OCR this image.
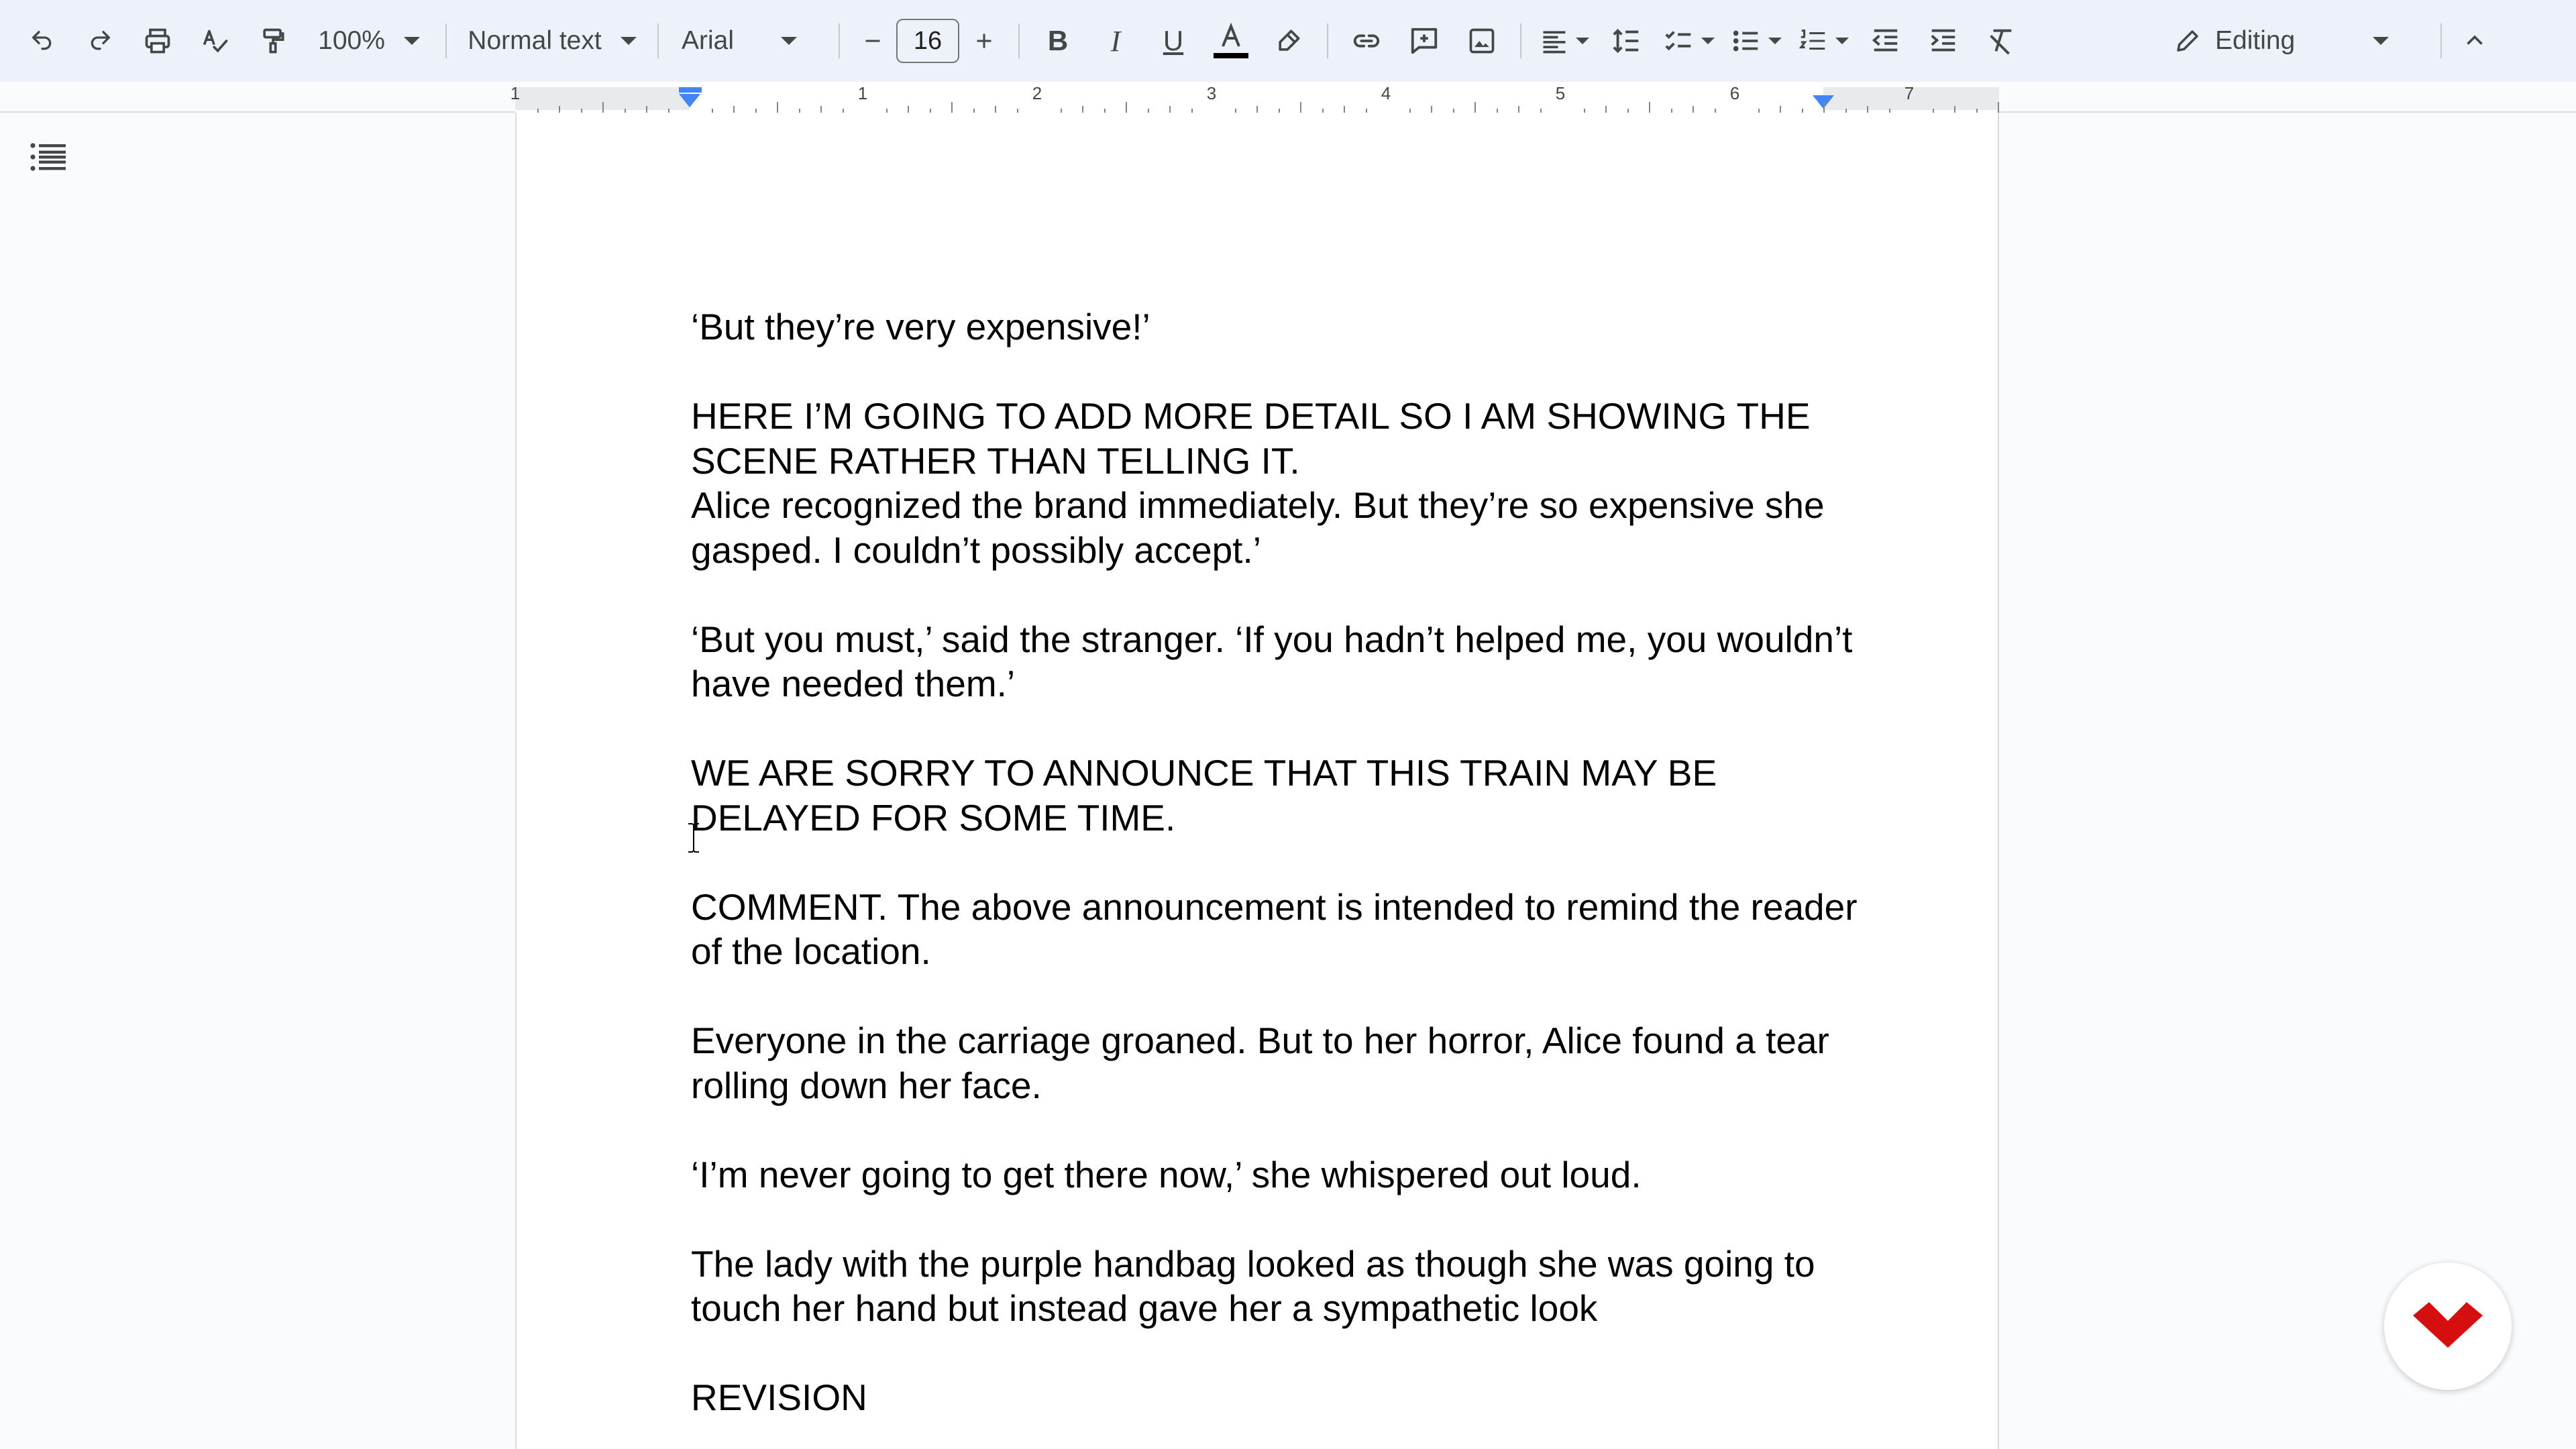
100%	Normal text	Arial	16	B I U	Editing
1	1	2	3	4	5	6	7

‘But they’re very expensive!’

HERE I’M GOING TO ADD MORE DETAIL SO I AM SHOWING THE SCENE RATHER THAN TELLING IT.

Alice recognized the brand immediately. But they’re so expensive she gasped. I couldn’t possibly accept.’

‘But you must,’ said the stranger. ‘If you hadn’t helped me, you wouldn’t have needed them.’

WE ARE SORRY TO ANNOUNCE THAT THIS TRAIN MAY BE DELAYED FOR SOME TIME.

COMMENT. The above announcement is intended to remind the reader of the location.

Everyone in the carriage groaned. But to her horror, Alice found a tear rolling down her face.

‘I’m never going to get there now,’ she whispered out loud.

The lady with the purple handbag looked as though she was going to touch her hand but instead gave her a sympathetic look

REVISION
